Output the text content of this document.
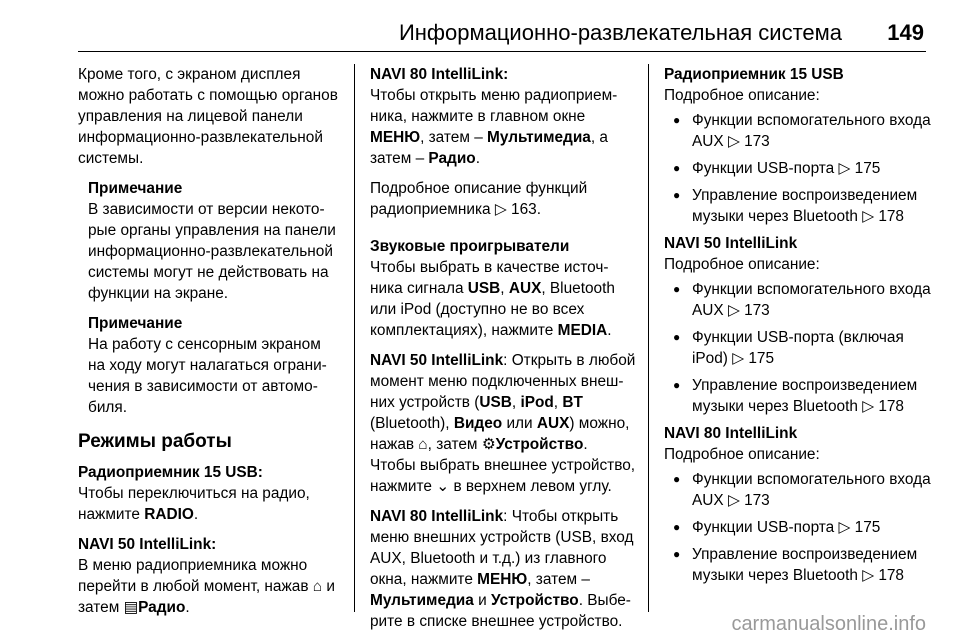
Информационно-развлекательная система 149

Кроме того, с экраном дисплея можно работать с помощью органов управления на лицевой панели информационно-развлекательной системы.

Примечание

В зависимости от версии некоторые органы управления на панели информационно-развлекательной системы могут не действовать на функции на экране.

Примечание

На работу с сенсорным экраном на ходу могут налагаться ограничения в зависимости от автомобиля.

Режимы работы

Радиоприемник 15 USB:

Чтобы переключиться на радио, нажмите RADIO.

NAVI 50 IntelliLink:

В меню радиоприемника можно перейти в любой момент, нажав ⌂ и затем ▤Радио.

NAVI 80 IntelliLink:

Чтобы открыть меню радиоприемника, нажмите в главном окне МЕНЮ, затем – Мультимедиа, а затем – Радио.

Подробное описание функций радиоприемника ▷ 163.

Звуковые проигрыватели

Чтобы выбрать в качестве источника сигнала USB, AUX, Bluetooth или iPod (доступно не во всех комплектациях), нажмите MEDIA.

NAVI 50 IntelliLink: Открыть в любой момент меню подключенных внешних устройств (USB, iPod, BT (Bluetooth), Видео или AUX) можно, нажав ⌂, затем ⚙Устройство.

Чтобы выбрать внешнее устройство, нажмите ⌄ в верхнем левом углу.

NAVI 80 IntelliLink: Чтобы открыть меню внешних устройств (USB, вход AUX, Bluetooth и т.д.) из главного окна, нажмите МЕНЮ, затем – Мультимедиа и Устройство. Выберите в списке внешнее устройство.

Радиоприемник 15 USB

Подробное описание:

● Функции вспомогательного входа AUX ▷ 173
● Функции USB-порта ▷ 175
● Управление воспроизведением музыки через Bluetooth ▷ 178

NAVI 50 IntelliLink

Подробное описание:

● Функции вспомогательного входа AUX ▷ 173
● Функции USB-порта (включая iPod) ▷ 175
● Управление воспроизведением музыки через Bluetooth ▷ 178

NAVI 80 IntelliLink

Подробное описание:

● Функции вспомогательного входа AUX ▷ 173
● Функции USB-порта ▷ 175
● Управление воспроизведением музыки через Bluetooth ▷ 178
carmanualsonline.info
